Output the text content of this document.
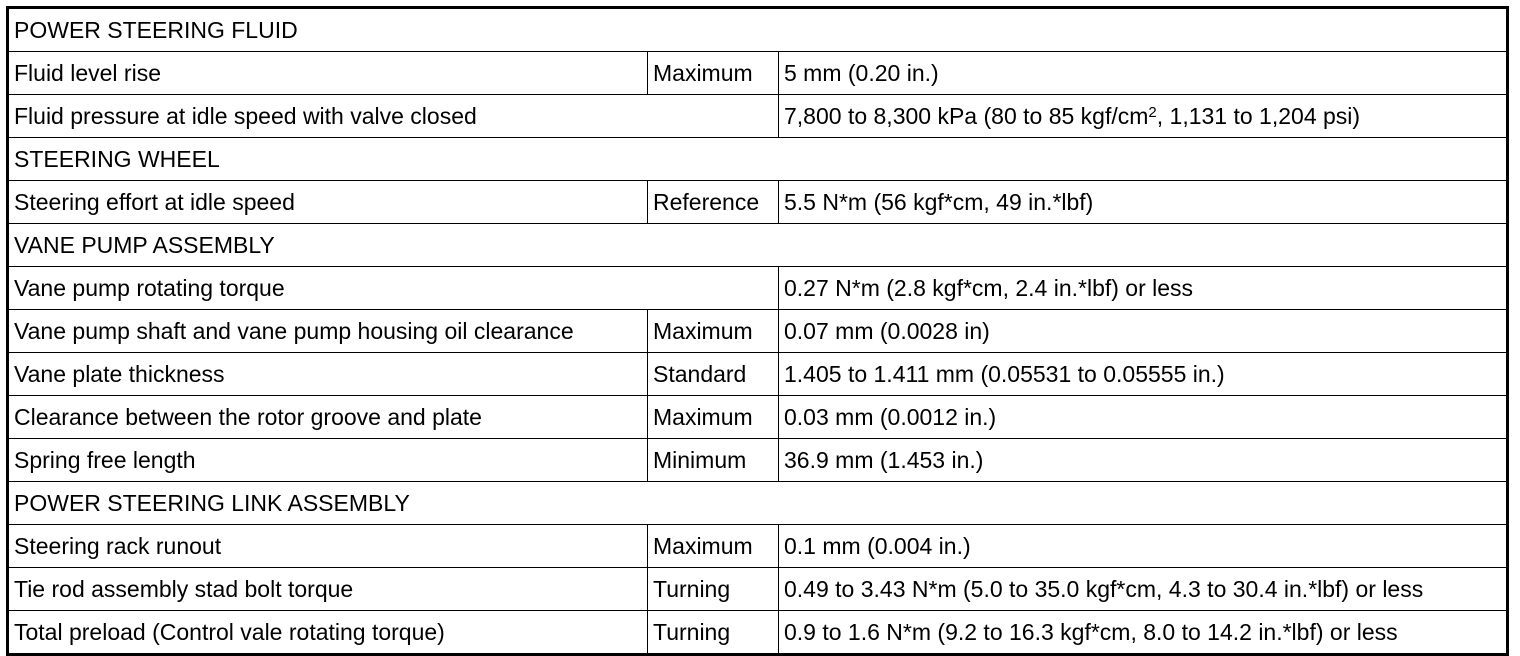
POWER STEERING FLUID		
Fluid level rise	Maximum	5 mm (0.20 in.)
Fluid pressure at idle speed with valve closed		7,800 to 8,300 kPa (80 to 85 kgf/$cm^2$, 1,131 to 1,204 psi)
STEERING WHEEL		
Steering effort at idle speed	Reference	5.5 N*m (56 kgf*cm, 49 in.*lbf)
VANE PUMP ASSEMBLY		
Vane pump rotating torque		0.27 N*m (2.8 kgf*cm, 2.4 in.*lbf) or less
Vane pump shaft and vane pump housing oil clearance	Maximum	0.07 mm (0.0028 in)
Vane plate thickness	Standard	1.405 to 1.411 mm (0.05531 to 0.05555 in.)
Clearance between the rotor groove and plate	Maximum	0.03 mm (0.0012 in.)
Spring free length	Minimum	36.9 mm (1.453 in.)
POWER STEERING LINK ASSEMBLY		
Steering rack runout	Maximum	0.1 mm (0.004 in.)
Tie rod assembly stad bolt torque	Turning	0.49 to 3.43 N*m (5.0 to 35.0 kgf*cm, 4.3 to 30.4 in.*lbf) or less
Total preload (Control vale rotating torque)	Turning	0.9 to 1.6 N*m (9.2 to 16.3 kgf*cm, 8.0 to 14.2 in.*lbf) or less
